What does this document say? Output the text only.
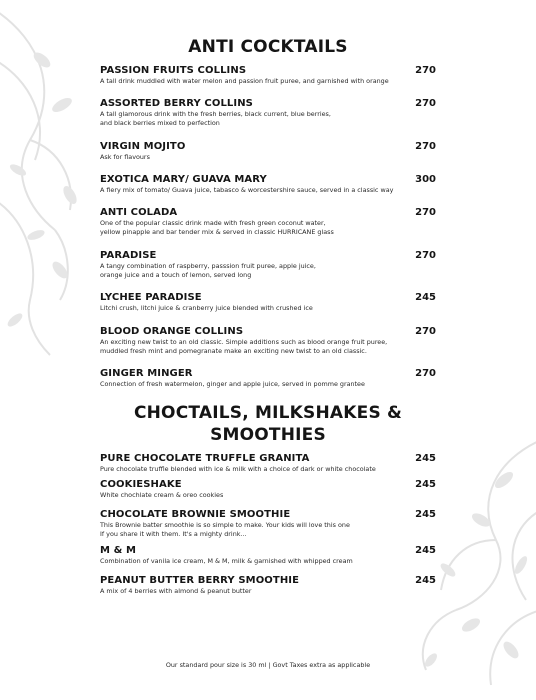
ANTI COCKTAILS
PASSION FRUITS COLLINS	270
A tall drink muddled with water melon and passion fruit puree, and garnished with orange
ASSORTED BERRY COLLINS	270
A tall glamorous drink with the fresh berries, black current, blue berries,
and black berries mixed to perfection
VIRGIN MOJITO	270
Ask for flavours
EXOTICA MARY/ GUAVA MARY	300
A fiery mix of tomato/ Guava juice, tabasco & worcestershire sauce, served in a classic way
ANTI COLADA	270
One of the popular classic drink made with fresh green coconut water,
yellow pinapple and bar tender mix & served in classic HURRICANE glass
PARADISE	270
A tangy combination of raspberry, passsion fruit puree, apple juice,
orange juice and a touch of lemon, served long
LYCHEE PARADISE	245
Litchi crush, litchi juice & cranberry juice blended with crushed ice
BLOOD ORANGE COLLINS	270
An exciting new twist to an old classic. Simple additions such as blood orange fruit puree,
muddled fresh mint and pomegranate make an exciting new twist to an old classic.
GINGER MINGER	270
Connection of fresh watermelon, ginger and apple juice, served in pomme grantee
CHOCTAILS, MILKSHAKES &
SMOOTHIES
PURE CHOCOLATE TRUFFLE GRANITA	245
Pure chocolate truffle blended with ice & milk with a choice of dark or white chocolate
COOKIESHAKE	245
White chochlate cream & oreo cookies
CHOCOLATE BROWNIE SMOOTHIE	245
This Brownie batter smoothie is so simple to make. Your kids will love this one
If you share it with them. It's a mighty drink...
M & M	245
Combination of vanila ice cream, M & M, milk & garnished with whipped cream
PEANUT BUTTER BERRY SMOOTHIE	245
A mix of 4 berries with almond & peanut butter
Our standard pour size is 30 ml | Govt Taxes extra as applicable
